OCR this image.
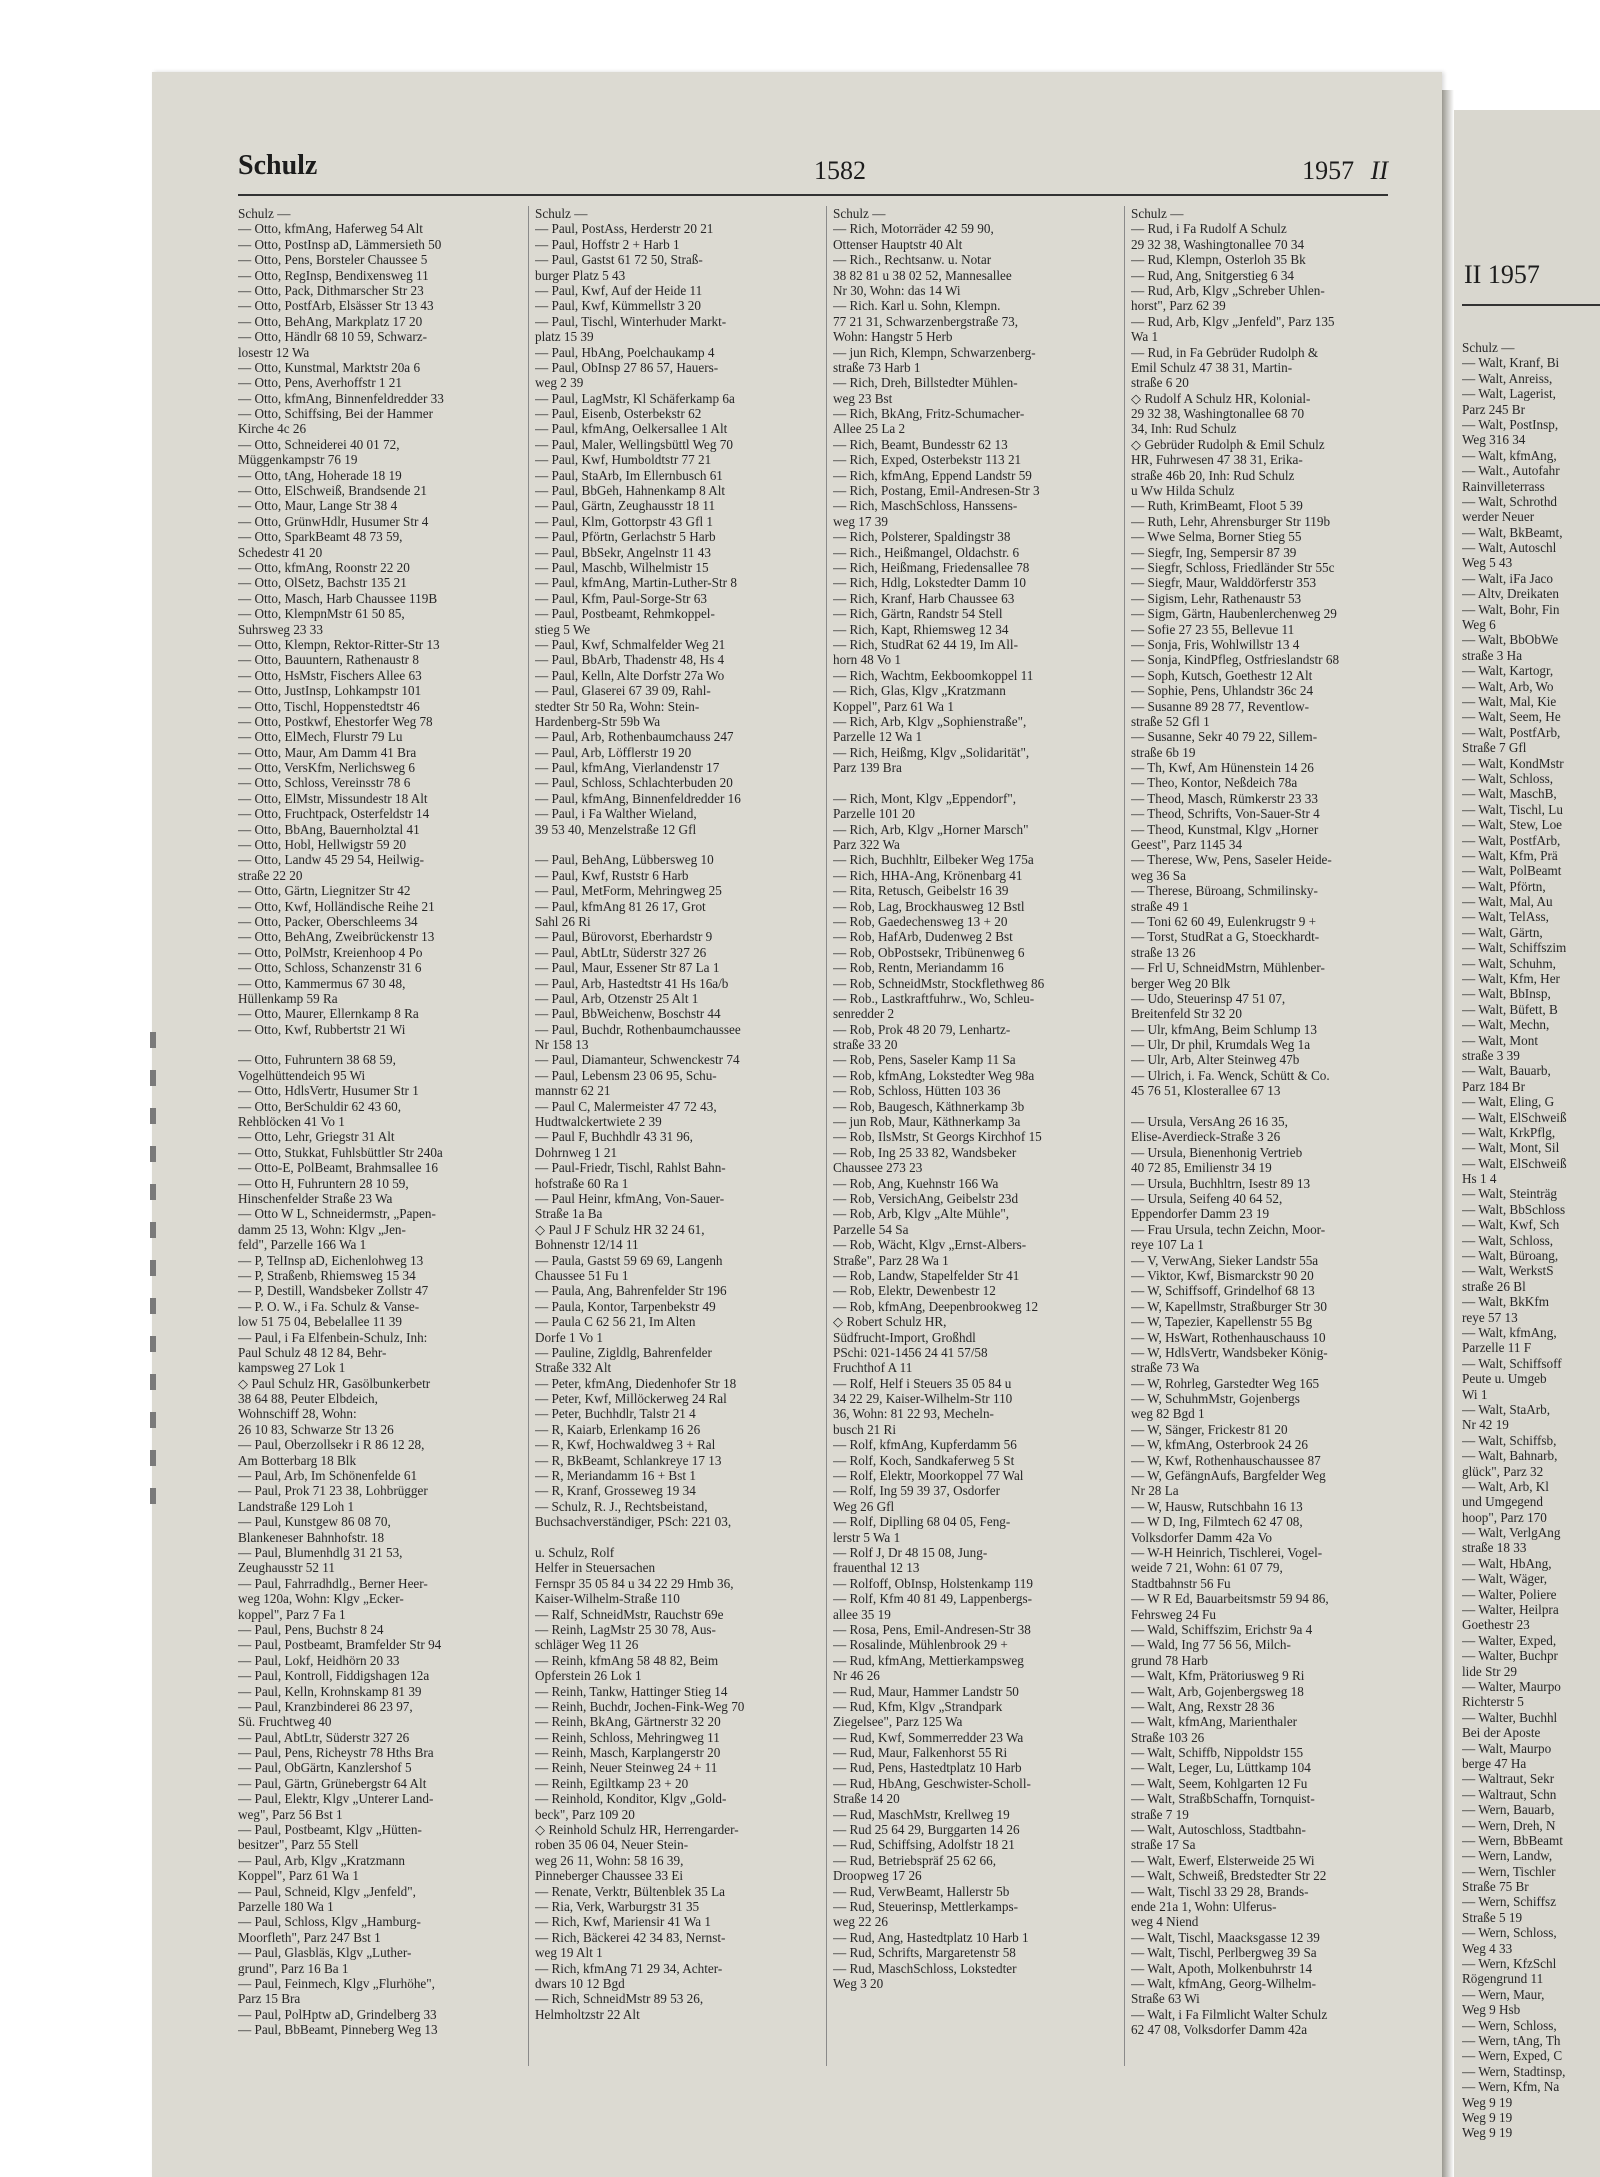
Schulz	1582	1957 II
Schulz —
— Otto, kfmAng, Haferweg 54 Alt
— Otto, PostInsp aD, Lämmersieth 50
— Otto, Pens, Borsteler Chaussee 5
— Otto, RegInsp, Bendixensweg 11
— Otto, Pack, Dithmarscher Str 23
— Otto, PostfArb, Elsässer Str 13 43
— Otto, BehAng, Markplatz 17 20
— Otto, Händlr 68 10 59, Schwarz-
losestr 12 Wa
— Otto, Kunstmal, Marktstr 20a 6
— Otto, Pens, Averhoffstr 1 21
— Otto, kfmAng, Binnenfeldredder 33
— Otto, Schiffsing, Bei der Hammer
Kirche 4c 26
— Otto, Schneiderei 40 01 72,
Müggenkampstr 76 19
— Otto, tAng, Hoherade 18 19
— Otto, ElSchweiß, Brandsende 21
— Otto, Maur, Lange Str 38 4
— Otto, GrünwHdlr, Husumer Str 4
— Otto, SparkBeamt 48 73 59,
Schedestr 41 20
— Otto, kfmAng, Roonstr 22 20
— Otto, OlSetz, Bachstr 135 21
— Otto, Masch, Harb Chaussee 119B
— Otto, KlempnMstr 61 50 85,
Suhrsweg 23 33
— Otto, Klempn, Rektor-Ritter-Str 13
— Otto, Bauuntern, Rathenaustr 8
— Otto, HsMstr, Fischers Allee 63
— Otto, JustInsp, Lohkampstr 101
— Otto, Tischl, Hoppenstedtstr 46
— Otto, Postkwf, Ehestorfer Weg 78
— Otto, ElMech, Flurstr 79 Lu
— Otto, Maur, Am Damm 41 Bra
— Otto, VersKfm, Nerlichsweg 6
— Otto, Schloss, Vereinsstr 78 6
— Otto, ElMstr, Missundestr 18 Alt
— Otto, Fruchtpack, Osterfeldstr 14
— Otto, BbAng, Bauernholztal 41
— Otto, Hobl, Hellwigstr 59 20
— Otto, Landw 45 29 54, Heilwig-
straße 22 20
— Otto, Gärtn, Liegnitzer Str 42
— Otto, Kwf, Holländische Reihe 21
— Otto, Packer, Oberschleems 34
— Otto, BehAng, Zweibrückenstr 13
— Otto, PolMstr, Kreienhoop 4 Po
— Otto, Schloss, Schanzenstr 31 6
— Otto, Kammermus 67 30 48,
Hüllenkamp 59 Ra
— Otto, Maurer, Ellernkamp 8 Ra
— Otto, Kwf, Rubbertstr 21 Wi
— Otto, Fuhruntern 38 68 59,
Vogelhüttendeich 95 Wi
— Otto, HdlsVertr, Husumer Str 1
— Otto, BerSchuldir 62 43 60,
Rehblöcken 41 Vo 1
— Otto, Lehr, Griegstr 31 Alt
— Otto, Stukkat, Fuhlsbüttler Str 240a
— Otto-E, PolBeamt, Brahmsallee 16
— Otto H, Fuhruntern 28 10 59,
Hinschenfelder Straße 23 Wa
— Otto W L, Schneidermstr, „Papen-
damm 25 13, Wohn: Klgv „Jen-
feld", Parzelle 166 Wa 1
— P, TelInsp aD, Eichenlohweg 13
— P, Straßenb, Rhiemsweg 15 34
— P, Destill, Wandsbeker Zollstr 47
— P. O. W., i Fa. Schulz & Vanse-
low 51 75 04, Bebelallee 11 39
— Paul, i Fa Elfenbein-Schulz, Inh:
Paul Schulz 48 12 84, Behr-
kampsweg 27 Lok 1
◇ Paul Schulz HR, Gasölbunkerbetr
38 64 88, Peuter Elbdeich,
Wohnschiff 28, Wohn:
26 10 83, Schwarze Str 13 26
— Paul, Oberzollsekr i R 86 12 28,
Am Botterbarg 18 Blk
— Paul, Arb, Im Schönenfelde 61
— Paul, Prok 71 23 38, Lohbrügger
Landstraße 129 Loh 1
— Paul, Kunstgew 86 08 70,
Blankeneser Bahnhofstr. 18
— Paul, Blumenhdlg 31 21 53,
Zeughausstr 52 11
— Paul, Fahrradhdlg., Berner Heer-
weg 120a, Wohn: Klgv „Ecker-
koppel", Parz 7 Fa 1
— Paul, Pens, Buchstr 8 24
— Paul, Postbeamt, Bramfelder Str 94
— Paul, Lokf, Heidhörn 20 33
— Paul, Kontroll, Fiddigshagen 12a
— Paul, Kelln, Krohnskamp 81 39
— Paul, Kranzbinderei 86 23 97,
Sü. Fruchtweg 40
— Paul, AbtLtr, Süderstr 327 26
— Paul, Pens, Richeystr 78 Hths Bra
— Paul, ObGärtn, Kanzlershof 5
— Paul, Gärtn, Grünebergstr 64 Alt
— Paul, Elektr, Klgv „Unterer Land-
weg", Parz 56 Bst 1
— Paul, Postbeamt, Klgv „Hütten-
besitzer", Parz 55 Stell
— Paul, Arb, Klgv „Kratzmann
Koppel", Parz 61 Wa 1
— Paul, Schneid, Klgv „Jenfeld",
Parzelle 180 Wa 1
— Paul, Schloss, Klgv „Hamburg-
Moorfleth", Parz 247 Bst 1
— Paul, Glasbläs, Klgv „Luther-
grund", Parz 16 Ba 1
— Paul, Feinmech, Klgv „Flurhöhe",
Parz 15 Bra
— Paul, PolHptw aD, Grindelberg 33
— Paul, BbBeamt, Pinneberg Weg 13
Schulz —
— Paul, PostAss, Herderstr 20 21
— Paul, Hoffstr 2 + Harb 1
— Paul, Gastst 61 72 50, Straß-
burger Platz 5 43
— Paul, Kwf, Auf der Heide 11
— Paul, Kwf, Kümmellstr 3 20
— Paul, Tischl, Winterhuder Markt-
platz 15 39
— Paul, HbAng, Poelchaukamp 4
— Paul, ObInsp 27 86 57, Hauers-
weg 2 39
— Paul, LagMstr, Kl Schäferkamp 6a
— Paul, Eisenb, Osterbekstr 62
— Paul, kfmAng, Oelkersallee 1 Alt
— Paul, Maler, Wellingsbüttl Weg 70
— Paul, Kwf, Humboldtstr 77 21
— Paul, StaArb, Im Ellernbusch 61
— Paul, BbGeh, Hahnenkamp 8 Alt
— Paul, Gärtn, Zeughausstr 18 11
— Paul, Klm, Gottorpstr 43 Gfl 1
— Paul, Pförtn, Gerlachstr 5 Harb
— Paul, BbSekr, Angelnstr 11 43
— Paul, Maschb, Wilhelmistr 15
— Paul, kfmAng, Martin-Luther-Str 8
— Paul, Kfm, Paul-Sorge-Str 63
— Paul, Postbeamt, Rehmkoppel-
stieg 5 We
— Paul, Kwf, Schmalfelder Weg 21
— Paul, BbArb, Thadenstr 48, Hs 4
— Paul, Kelln, Alte Dorfstr 27a Wo
— Paul, Glaserei 67 39 09, Rahl-
stedter Str 50 Ra, Wohn: Stein-
Hardenberg-Str 59b Wa
— Paul, Arb, Rothenbaumchauss 247
— Paul, Arb, Löfflerstr 19 20
— Paul, kfmAng, Vierlandenstr 17
— Paul, Schloss, Schlachterbuden 20
— Paul, kfmAng, Binnenfeldredder 16
— Paul, i Fa Walther Wieland,
39 53 40, Menzelstraße 12 Gfl
— Paul, BehAng, Lübbersweg 10
— Paul, Kwf, Ruststr 6 Harb
— Paul, MetForm, Mehringweg 25
— Paul, kfmAng 81 26 17, Grot
Sahl 26 Ri
— Paul, Bürovorst, Eberhardstr 9
— Paul, AbtLtr, Süderstr 327 26
— Paul, Maur, Essener Str 87 La 1
— Paul, Arb, Hastedtstr 41 Hs 16a/b
— Paul, Arb, Otzenstr 25 Alt 1
— Paul, BbWeichenw, Boschstr 44
— Paul, Buchdr, Rothenbaumchaussee
Nr 158 13
— Paul, Diamanteur, Schwenckestr 74
— Paul, Lebensm 23 06 95, Schu-
mannstr 62 21
— Paul C, Malermeister 47 72 43,
Hudtwalckertwiete 2 39
— Paul F, Buchhdlr 43 31 96,
Dohrnweg 1 21
— Paul-Friedr, Tischl, Rahlst Bahn-
hofstraße 60 Ra 1
— Paul Heinr, kfmAng, Von-Sauer-
Straße 1a Ba
◇ Paul J F Schulz HR 32 24 61,
Bohnenstr 12/14 11
— Paula, Gastst 59 69 69, Langenh
Chaussee 51 Fu 1
— Paula, Ang, Bahrenfelder Str 196
— Paula, Kontor, Tarpenbekstr 49
— Paula C 62 56 21, Im Alten
Dorfe 1 Vo 1
— Pauline, Zigldlg, Bahrenfelder
Straße 332 Alt
— Peter, kfmAng, Diedenhofer Str 18
— Peter, Kwf, Millöckerweg 24 Ral
— Peter, Buchhdlr, Talstr 21 4
— R, Kaiarb, Erlenkamp 16 26
— R, Kwf, Hochwaldweg 3 + Ral
— R, BkBeamt, Schlankreye 17 13
— R, Meriandamm 16 + Bst 1
— R, Kranf, Grosseweg 19 34
— Schulz, R. J., Rechtsbeistand,
Buchsachverständiger, PSch: 221 03,
u. Schulz, Rolf
Helfer in Steuersachen
Fernspr 35 05 84 u 34 22 29 Hmb 36,
Kaiser-Wilhelm-Straße 110
— Ralf, SchneidMstr, Rauchstr 69e
— Reinh, LagMstr 25 30 78, Aus-
schläger Weg 11 26
— Reinh, kfmAng 58 48 82, Beim
Opferstein 26 Lok 1
— Reinh, Tankw, Hattinger Stieg 14
— Reinh, Buchdr, Jochen-Fink-Weg 70
— Reinh, BkAng, Gärtnerstr 32 20
— Reinh, Schloss, Mehringweg 11
— Reinh, Masch, Karplangerstr 20
— Reinh, Neuer Steinweg 24 + 11
— Reinh, Egiltkamp 23 + 20
— Reinhold, Konditor, Klgv „Gold-
beck", Parz 109 20
◇ Reinhold Schulz HR, Herrengarder-
roben 35 06 04, Neuer Stein-
weg 26 11, Wohn: 58 16 39,
Pinneberger Chaussee 33 Ei
— Renate, Verktr, Bültenblek 35 La
— Ria, Verk, Warburgstr 31 35
— Rich, Kwf, Mariensir 41 Wa 1
— Rich, Bäckerei 42 34 83, Nernst-
weg 19 Alt 1
— Rich, kfmAng 71 29 34, Achter-
dwars 10 12 Bgd
— Rich, SchneidMstr 89 53 26,
Helmholtzstr 22 Alt
Schulz —
— Rich, Motorräder 42 59 90,
Ottenser Hauptstr 40 Alt
— Rich., Rechtsanw. u. Notar
38 82 81 u 38 02 52, Mannesallee
Nr 30, Wohn: das 14 Wi
— Rich. Karl u. Sohn, Klempn.
77 21 31, Schwarzenbergstraße 73,
Wohn: Hangstr 5 Herb
— jun Rich, Klempn, Schwarzenberg-
straße 73 Harb 1
— Rich, Dreh, Billstedter Mühlen-
weg 23 Bst
— Rich, BkAng, Fritz-Schumacher-
Allee 25 La 2
— Rich, Beamt, Bundesstr 62 13
— Rich, Exped, Osterbekstr 113 21
— Rich, kfmAng, Eppend Landstr 59
— Rich, Postang, Emil-Andresen-Str 3
— Rich, MaschSchloss, Hanssens-
weg 17 39
— Rich, Polsterer, Spaldingstr 38
— Rich., Heißmangel, Oldachstr. 6
— Rich, Heißmang, Friedensallee 78
— Rich, Hdlg, Lokstedter Damm 10
— Rich, Kranf, Harb Chaussee 63
— Rich, Gärtn, Randstr 54 Stell
— Rich, Kapt, Rhiemsweg 12 34
— Rich, StudRat 62 44 19, Im All-
horn 48 Vo 1
— Rich, Wachtm, Eekboomkoppel 11
— Rich, Glas, Klgv „Kratzmann
Koppel", Parz 61 Wa 1
— Rich, Arb, Klgv „Sophienstraße",
Parzelle 12 Wa 1
— Rich, Heißmg, Klgv „Solidarität",
Parz 139 Bra
— Rich, Mont, Klgv „Eppendorf",
Parzelle 101 20
— Rich, Arb, Klgv „Horner Marsch"
Parz 322 Wa
— Rich, Buchhltr, Eilbeker Weg 175a
— Rich, HHA-Ang, Krönenbarg 41
— Rita, Retusch, Geibelstr 16 39
— Rob, Lag, Brockhausweg 12 Bstl
— Rob, Gaedechensweg 13 + 20
— Rob, HafArb, Dudenweg 2 Bst
— Rob, ObPostsekr, Tribünenweg 6
— Rob, Rentn, Meriandamm 16
— Rob, SchneidMstr, Stockflethweg 86
— Rob., Lastkraftfuhrw., Wo, Schleu-
senredder 2
— Rob, Prok 48 20 79, Lenhartz-
straße 33 20
— Rob, Pens, Saseler Kamp 11 Sa
— Rob, kfmAng, Lokstedter Weg 98a
— Rob, Schloss, Hütten 103 36
— Rob, Baugesch, Käthnerkamp 3b
— jun Rob, Maur, Käthnerkamp 3a
— Rob, IlsMstr, St Georgs Kirchhof 15
— Rob, Ing 25 33 82, Wandsbeker
Chaussee 273 23
— Rob, Ang, Kuehnstr 166 Wa
— Rob, VersichAng, Geibelstr 23d
— Rob, Arb, Klgv „Alte Mühle",
Parzelle 54 Sa
— Rob, Wächt, Klgv „Ernst-Albers-
Straße", Parz 28 Wa 1
— Rob, Landw, Stapelfelder Str 41
— Rob, Elektr, Dewenbestr 12
— Rob, kfmAng, Deepenbrookweg 12
◇ Robert Schulz HR,
Südfrucht-Import, Großhdl
PSchi: 021-1456 24 41 57/58
Fruchthof A 11
— Rolf, Helf i Steuers 35 05 84 u
34 22 29, Kaiser-Wilhelm-Str 110
36, Wohn: 81 22 93, Mecheln-
busch 21 Ri
— Rolf, kfmAng, Kupferdamm 56
— Rolf, Koch, Sandkaferweg 5 St
— Rolf, Elektr, Moorkoppel 77 Wal
— Rolf, Ing 59 39 37, Osdorfer
Weg 26 Gfl
— Rolf, Diplling 68 04 05, Feng-
lerstr 5 Wa 1
— Rolf J, Dr 48 15 08, Jung-
frauenthal 12 13
— Rolfoff, ObInsp, Holstenkamp 119
— Rolf, Kfm 40 81 49, Lappenbergs-
allee 35 19
— Rosa, Pens, Emil-Andresen-Str 38
— Rosalinde, Mühlenbrook 29 +
— Rud, kfmAng, Mettierkampsweg
Nr 46 26
— Rud, Maur, Hammer Landstr 50
— Rud, Kfm, Klgv „Strandpark
Ziegelsee", Parz 125 Wa
— Rud, Kwf, Sommerredder 23 Wa
— Rud, Maur, Falkenhorst 55 Ri
— Rud, Pens, Hastedtplatz 10 Harb
— Rud, HbAng, Geschwister-Scholl-
Straße 14 20
— Rud, MaschMstr, Krellweg 19
— Rud 25 64 29, Burggarten 14 26
— Rud, Schiffsing, Adolfstr 18 21
— Rud, Betriebspräf 25 62 66,
Droopweg 17 26
— Rud, VerwBeamt, Hallerstr 5b
— Rud, Steuerinsp, Mettlerkamps-
weg 22 26
— Rud, Ang, Hastedtplatz 10 Harb 1
— Rud, Schrifts, Margaretenstr 58
— Rud, MaschSchloss, Lokstedter
Weg 3 20
Schulz —
— Rud, i Fa Rudolf A Schulz
29 32 38, Washingtonallee 70 34
— Rud, Klempn, Osterloh 35 Bk
— Rud, Ang, Snitgerstieg 6 34
— Rud, Arb, Klgv „Schreber Uhlen-
horst", Parz 62 39
— Rud, Arb, Klgv „Jenfeld", Parz 135
Wa 1
— Rud, in Fa Gebrüder Rudolph &
Emil Schulz 47 38 31, Martin-
straße 6 20
◇ Rudolf A Schulz HR, Kolonial-
29 32 38, Washingtonallee 68 70
34, Inh: Rud Schulz
◇ Gebrüder Rudolph & Emil Schulz
HR, Fuhrwesen 47 38 31, Erika-
straße 46b 20, Inh: Rud Schulz
u Ww Hilda Schulz
— Ruth, KrimBeamt, Floot 5 39
— Ruth, Lehr, Ahrensburger Str 119b
— Wwe Selma, Borner Stieg 55
— Siegfr, Ing, Sempersir 87 39
— Siegfr, Schloss, Friedländer Str 55c
— Siegfr, Maur, Walddörferstr 353
— Sigism, Lehr, Rathenaustr 53
— Sigm, Gärtn, Haubenlerchenweg 29
— Sofie 27 23 55, Bellevue 11
— Sonja, Fris, Wohlwillstr 13 4
— Sonja, KindPfleg, Ostfrieslandstr 68
— Soph, Kutsch, Goethestr 12 Alt
— Sophie, Pens, Uhlandstr 36c 24
— Susanne 89 28 77, Reventlow-
straße 52 Gfl 1
— Susanne, Sekr 40 79 22, Sillem-
straße 6b 19
— Th, Kwf, Am Hünenstein 14 26
— Theo, Kontor, Neßdeich 78a
— Theod, Masch, Rümkerstr 23 33
— Theod, Schrifts, Von-Sauer-Str 4
— Theod, Kunstmal, Klgv „Horner
Geest", Parz 1145 34
— Therese, Ww, Pens, Saseler Heide-
weg 36 Sa
— Therese, Büroang, Schmilinsky-
straße 49 1
— Toni 62 60 49, Eulenkrugstr 9 +
— Torst, StudRat a G, Stoeckhardt-
straße 13 26
— Frl U, SchneidMstrn, Mühlenber-
berger Weg 20 Blk
— Udo, Steuerinsp 47 51 07,
Breitenfeld Str 32 20
— Ulr, kfmAng, Beim Schlump 13
— Ulr, Dr phil, Krumdals Weg 1a
— Ulr, Arb, Alter Steinweg 47b
— Ulrich, i. Fa. Wenck, Schütt & Co.
45 76 51, Klosterallee 67 13
— Ursula, VersAng 26 16 35,
Elise-Averdieck-Straße 3 26
— Ursula, Bienenhonig Vertrieb
40 72 85, Emilienstr 34 19
— Ursula, Buchhltrn, Isestr 89 13
— Ursula, Seifeng 40 64 52,
Eppendorfer Damm 23 19
— Frau Ursula, techn Zeichn, Moor-
reye 107 La 1
— V, VerwAng, Sieker Landstr 55a
— Viktor, Kwf, Bismarckstr 90 20
— W, Schiffsoff, Grindelhof 68 13
— W, Kapellmstr, Straßburger Str 30
— W, Tapezier, Kapellenstr 55 Bg
— W, HsWart, Rothenhauschauss 10
— W, HdlsVertr, Wandsbeker König-
straße 73 Wa
— W, Rohrleg, Garstedter Weg 165
— W, SchuhmMstr, Gojenbergs
weg 82 Bgd 1
— W, Sänger, Frickestr 81 20
— W, kfmAng, Osterbrook 24 26
— W, Kwf, Rothenhauschaussee 87
— W, GefängnAufs, Bargfelder Weg
Nr 28 La
— W, Hausw, Rutschbahn 16 13
— W D, Ing, Filmtech 62 47 08,
Volksdorfer Damm 42a Vo
— W-H Heinrich, Tischlerei, Vogel-
weide 7 21, Wohn: 61 07 79,
Stadtbahnstr 56 Fu
— W R Ed, Bauarbeitsmstr 59 94 86,
Fehrsweg 24 Fu
— Wald, Schiffszim, Erichstr 9a 4
— Wald, Ing 77 56 56, Milch-
grund 78 Harb
— Walt, Kfm, Prätoriusweg 9 Ri
— Walt, Arb, Gojenbergsweg 18
— Walt, Ang, Rexstr 28 36
— Walt, kfmAng, Marienthaler
Straße 103 26
— Walt, Schiffb, Nippoldstr 155
— Walt, Leger, Lu, Lüttkamp 104
— Walt, Seem, Kohlgarten 12 Fu
— Walt, StraßbSchaffn, Tornquist-
straße 7 19
— Walt, Autoschloss, Stadtbahn-
straße 17 Sa
— Walt, Ewerf, Elsterweide 25 Wi
— Walt, Schweiß, Bredstedter Str 22
— Walt, Tischl 33 29 28, Brands-
ende 21a 1, Wohn: Ulferus-
weg 4 Niend
— Walt, Tischl, Maacksgasse 12 39
— Walt, Tischl, Perlbergweg 39 Sa
— Walt, Apoth, Molkenbuhrstr 14
— Walt, kfmAng, Georg-Wilhelm-
Straße 63 Wi
— Walt, i Fa Filmlicht Walter Schulz
62 47 08, Volksdorfer Damm 42a
II 1957
Schulz —
— Walt, Kranf, Bi
— Walt, Anreiss,
— Walt, Lagerist,
Parz 245 Br
— Walt, PostInsp,
Weg 316 34
— Walt, kfmAng,
— Walt., Autofahr
Rainvilleterrass
— Walt, Schrothd
werder Neuer
— Walt, BkBeamt,
— Walt, Autoschl
Weg 5 43
— Walt, iFa Jaco
— Altv, Dreikaten
— Walt, Bohr, Fin
Weg 6
— Walt, BbObWe
straße 3 Ha
— Walt, Kartogr,
— Walt, Arb, Wo
— Walt, Mal, Kie
— Walt, Seem, He
— Walt, PostfArb,
Straße 7 Gfl
— Walt, KondMstr
— Walt, Schloss,
— Walt, MaschB,
— Walt, Tischl, Lu
— Walt, Stew, Loe
— Walt, PostfArb,
— Walt, Kfm, Prä
— Walt, PolBeamt
— Walt, Pförtn,
— Walt, Mal, Au
— Walt, TelAss,
— Walt, Gärtn,
— Walt, Schiffszim
— Walt, Schuhm,
— Walt, Kfm, Her
— Walt, BbInsp,
— Walt, Büfett, B
— Walt, Mechn,
— Walt, Mont
straße 3 39
— Walt, Bauarb,
Parz 184 Br
— Walt, Eling, G
— Walt, ElSchweiß
— Walt, KrkPflg,
— Walt, Mont, Sil
— Walt, ElSchweiß
Hs 1 4
— Walt, Steinträg
— Walt, BbSchloss
— Walt, Kwf, Sch
— Walt, Schloss,
— Walt, Büroang,
— Walt, WerkstS
straße 26 Bl
— Walt, BkKfm
reye 57 13
— Walt, kfmAng,
Parzelle 11 F
— Walt, Schiffsoff
Peute u. Umgeb
Wi 1
— Walt, StaArb,
Nr 42 19
— Walt, Schiffsb,
— Walt, Bahnarb,
glück", Parz 32
— Walt, Arb, Kl
und Umgegend
hoop", Parz 170
— Walt, VerlgAng
straße 18 33
— Walt, HbAng,
— Walt, Wäger,
— Walter, Poliere
— Walter, Heilpra
Goethestr 23
— Walter, Exped,
— Walter, Buchpr
lide Str 29
— Walter, Maurpo
Richterstr 5
— Walter, Buchhl
Bei der Aposte
— Walt, Maurpo
berge 47 Ha
— Waltraut, Sekr
— Waltraut, Schn
— Wern, Bauarb,
— Wern, Dreh, N
— Wern, BbBeamt
— Wern, Landw,
— Wern, Tischler
Straße 75 Br
— Wern, Schiffsz
Straße 5 19
— Wern, Schloss,
Weg 4 33
— Wern, KfzSchl
Rögengrund 11
— Wern, Maur,
Weg 9 Hsb
— Wern, Schloss,
— Wern, tAng, Th
— Wern, Exped, C
— Wern, Stadtinsp,
— Wern, Kfm, Na
Weg 9 19
Weg 9 19
Weg 9 19
